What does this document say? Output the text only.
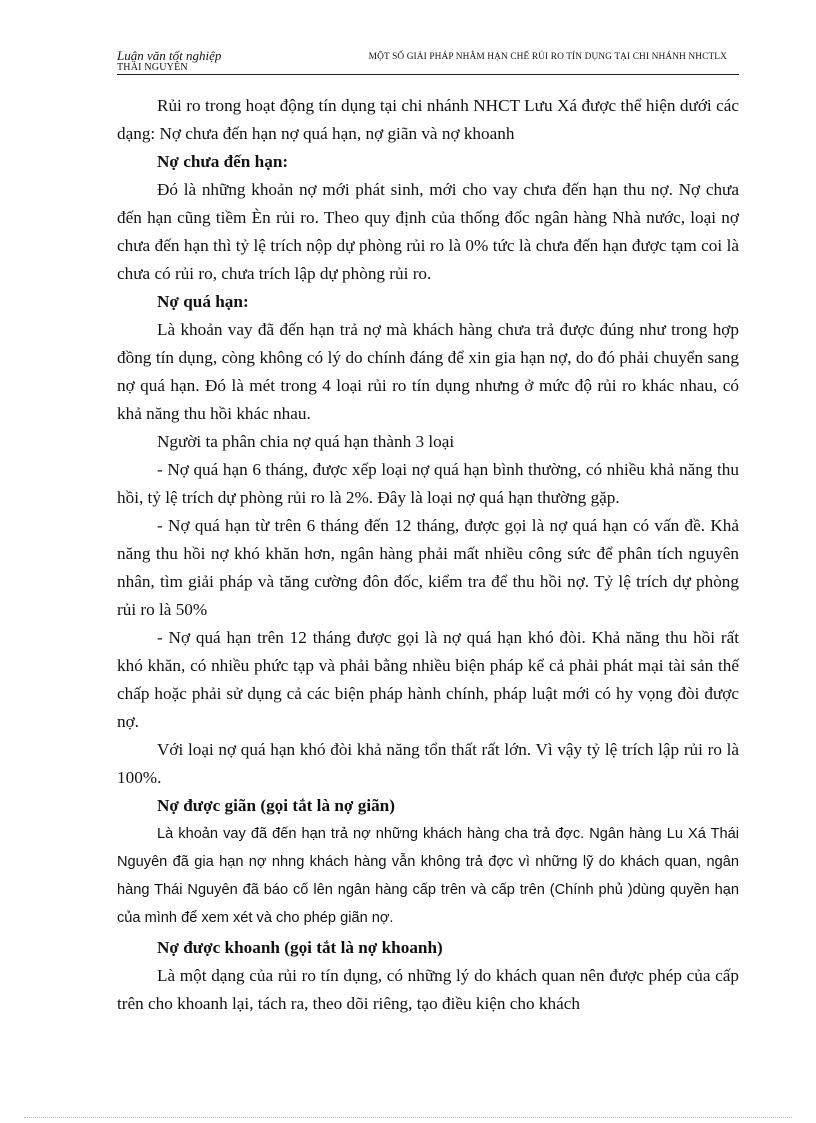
Luận văn tốt nghiệp
THÁI NGUYÊN
MỘT SỐ GIẢI PHÁP NHẰM HẠN CHẾ RỦI RO TÍN DỤNG TẠI CHI NHÁNH NHCTLX

Rủi ro trong hoạt động tín dụng tại chi nhánh NHCT Lưu Xá được thể hiện dưới các dạng: Nợ chưa đến hạn nợ quá hạn, nợ giãn và nợ khoanh

Nợ chưa đến hạn:

Đó là những khoản nợ mới phát sinh, mới cho vay chưa đến hạn thu nợ. Nợ chưa đến hạn cũng tiềm Èn rủi ro. Theo quy định của thống đốc ngân hàng Nhà nước, loại nợ chưa đến hạn thì tỷ lệ trích nộp dự phòng rủi ro là 0% tức là chưa đến hạn được tạm coi là chưa có rủi ro, chưa trích lập dự phòng rủi ro.

Nợ quá hạn:

Là khoản vay đã đến hạn trả nợ mà khách hàng chưa trả được đúng như trong hợp đồng tín dụng, còng không có lý do chính đáng để xin gia hạn nợ, do đó phải chuyển sang nợ quá hạn. Đó là mét trong 4 loại rủi ro tín dụng nhưng ở mức độ rủi ro khác nhau, có khả năng thu hồi khác nhau.

Người ta phân chia nợ quá hạn thành 3 loại

- Nợ quá hạn 6 tháng, được xếp loại nợ quá hạn bình thường, có nhiều khả năng thu hồi, tỷ lệ trích dự phòng rủi ro là 2%. Đây là loại nợ quá hạn thường gặp.

- Nợ quá hạn từ trên 6 tháng đến 12 tháng, được gọi là nợ quá hạn có vấn đề. Khả năng thu hồi nợ khó khăn hơn, ngân hàng phải mất nhiều công sức để phân tích nguyên nhân, tìm giải pháp và tăng cường đôn đốc, kiểm tra để thu hồi nợ. Tỷ lệ trích dự phòng rủi ro là 50%

- Nợ quá hạn trên 12 tháng được gọi là nợ quá hạn khó đòi. Khả năng thu hồi rất khó khăn, có nhiều phức tạp và phải bằng nhiều biện pháp kể cả phải phát mại tài sản thế chấp hoặc phải sử dụng cả các biện pháp hành chính, pháp luật mới có hy vọng đòi được nợ.

Với loại nợ quá hạn khó đòi khả năng tổn thất rất lớn. Vì vậy tỷ lệ trích lập rủi ro là 100%.

Nợ được giãn (gọi tắt là nợ giãn)

Là khoản vay đã đến hạn trả nợ những khách hàng cha trả đợc. Ngân hàng Lu Xá Thái Nguyên đã gia hạn nợ nhng khách hàng vẫn không trả đợc vì những lỹ do khách quan, ngân hàng Thái Nguyên đã báo cố lên ngân hàng cấp trên và cấp trên (Chính phủ )dùng quyền hạn của mình để xem xét và cho phép giãn nợ.

Nợ được khoanh (gọi tắt là nợ khoanh)

Là một dạng của rủi ro tín dụng, có những lý do khách quan nên được phép của cấp trên cho khoanh lại, tách ra, theo dõi riêng, tạo điều kiện cho khách
